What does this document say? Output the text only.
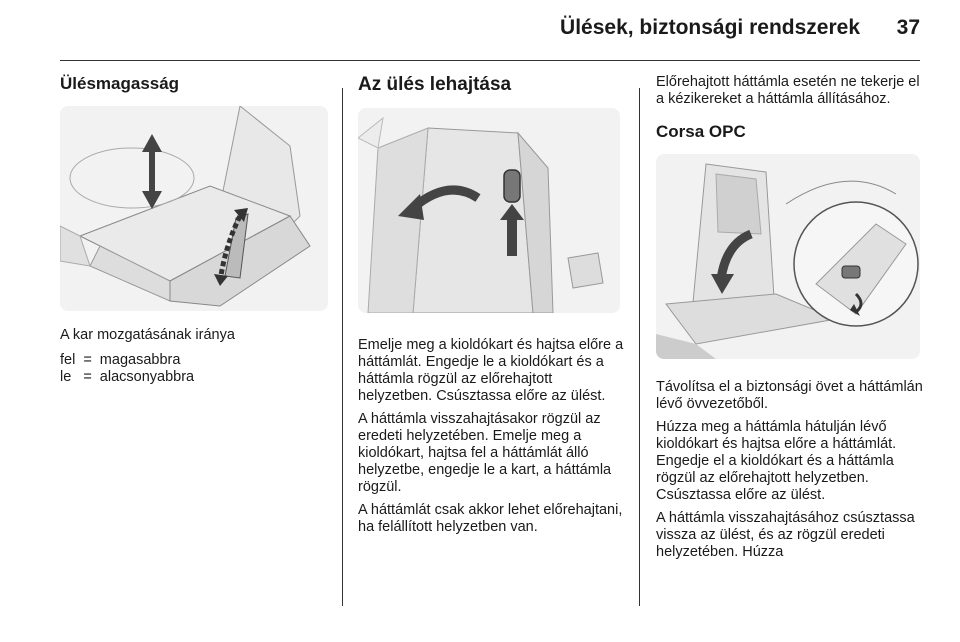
Ülések, biztonsági rendszerek 37
Ülésmagasság

A kar mozgatásának iránya

fel	=	magasabbra
le	=	alacsonyabbra
Az ülés lehajtása

Emelje meg a kioldókart és hajtsa előre a háttámlát. Engedje le a kioldókart és a háttámla rögzül az előrehajtott helyzetben. Csúsztassa előre az ülést.

A háttámla visszahajtásakor rögzül az eredeti helyzetében. Emelje meg a kioldókart, hajtsa fel a háttámlát álló helyzetbe, engedje le a kart, a háttámla rögzül.

A háttámlát csak akkor lehet előrehajtani, ha felállított helyzetben van.

Előrehajtott háttámla esetén ne tekerje el a kézikereket a háttámla állításához.

Corsa OPC

Távolítsa el a biztonsági övet a háttámlán lévő övvezetőből.

Húzza meg a háttámla hátulján lévő kioldókart és hajtsa előre a háttámlát. Engedje el a kioldókart és a háttámla rögzül az előrehajtott helyzetben. Csúsztassa előre az ülést.

A háttámla visszahajtásához csúsztassa vissza az ülést, és az rögzül eredeti helyzetében. Húzza
